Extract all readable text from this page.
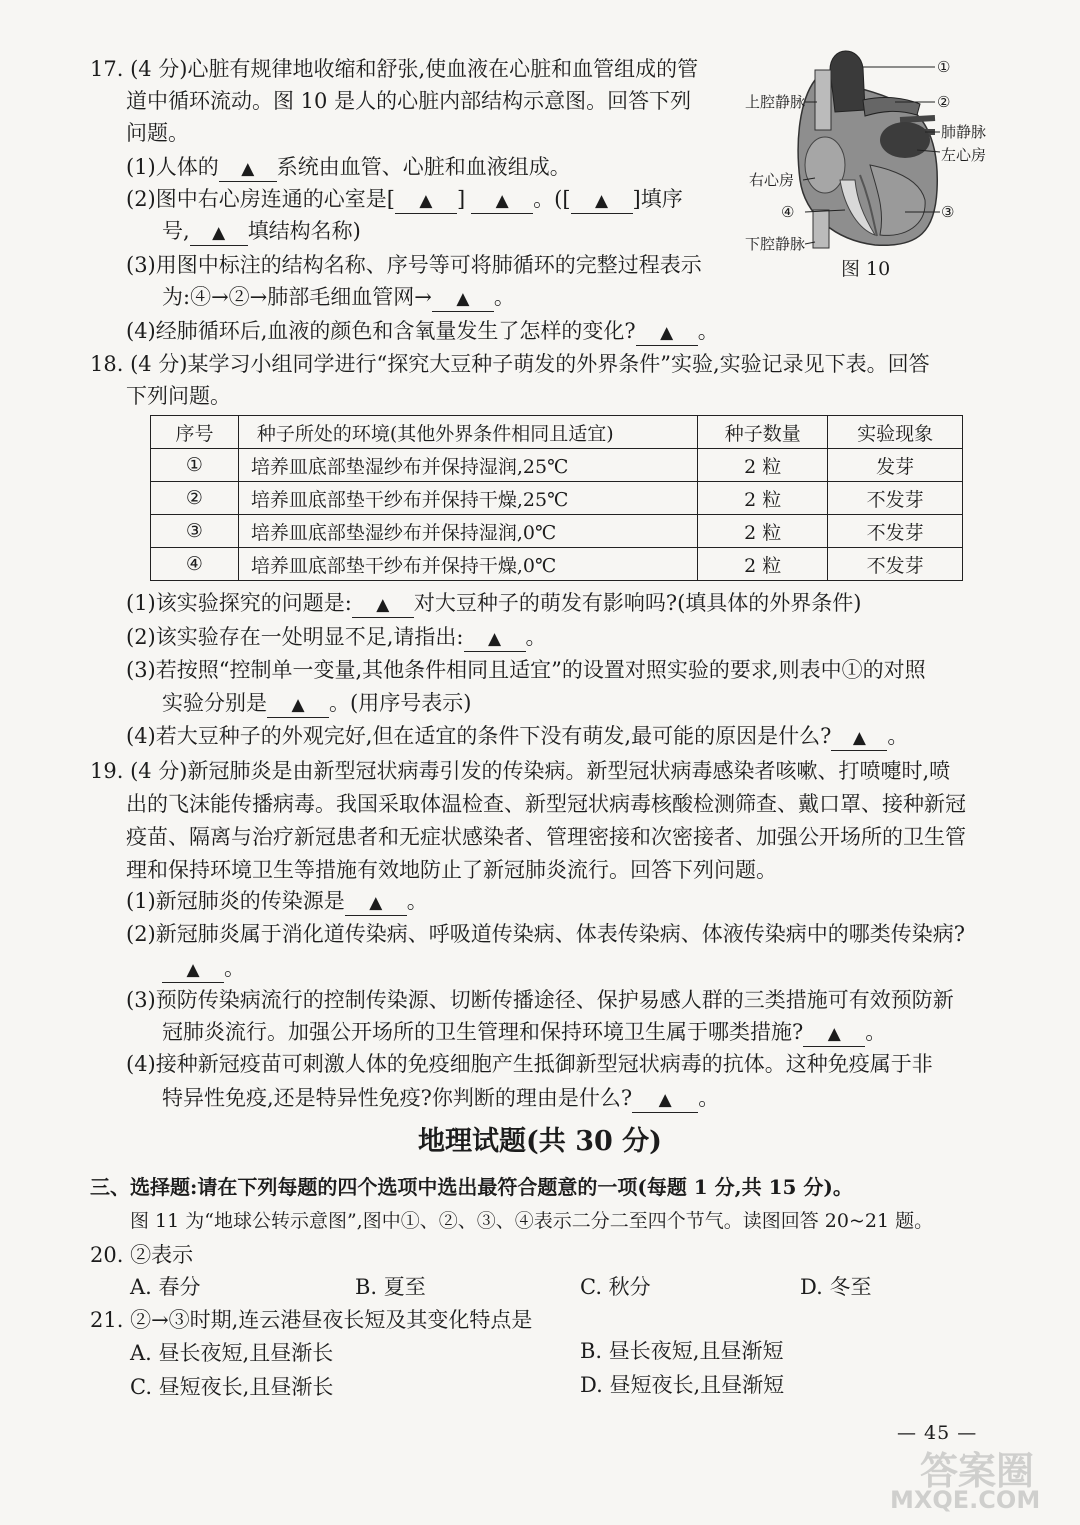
17. (4 分)心脏有规律地收缩和舒张,使血液在心脏和血管组成的管
道中循环流动。图 10 是人的心脏内部结构示意图。回答下列
问题。
(1)人体的 ▲ 系统由血管、心脏和血液组成。
(2)图中右心房连通的心室是[ ▲ ] ▲ 。([ ▲ ]填序
号, ▲ 填结构名称)
(3)用图中标注的结构名称、序号等可将肺循环的完整过程表示
为:④→②→肺部毛细血管网→ ▲ 。
(4)经肺循环后,血液的颜色和含氧量发生了怎样的变化? ▲ 。
①
②
上腔静脉
肺静脉
左心房
右心房
④	③
下腔静脉
图 10
18. (4 分)某学习小组同学进行“探究大豆种子萌发的外界条件”实验,实验记录见下表。回答
下列问题。
序号	种子所处的环境(其他外界条件相同且适宜)	种子数量	实验现象
①	培养皿底部垫湿纱布并保持湿润,25℃	2 粒	发芽
②	培养皿底部垫干纱布并保持干燥,25℃	2 粒	不发芽
③	培养皿底部垫湿纱布并保持湿润,0℃	2 粒	不发芽
④	培养皿底部垫干纱布并保持干燥,0℃	2 粒	不发芽
(1)该实验探究的问题是: ▲ 对大豆种子的萌发有影响吗?(填具体的外界条件)
(2)该实验存在一处明显不足,请指出: ▲ 。
(3)若按照“控制单一变量,其他条件相同且适宜”的设置对照实验的要求,则表中①的对照
实验分别是 ▲ 。(用序号表示)
(4)若大豆种子的外观完好,但在适宜的条件下没有萌发,最可能的原因是什么? ▲ 。
19. (4 分)新冠肺炎是由新型冠状病毒引发的传染病。新型冠状病毒感染者咳嗽、打喷嚏时,喷
出的飞沫能传播病毒。我国采取体温检查、新型冠状病毒核酸检测筛查、戴口罩、接种新冠
疫苗、隔离与治疗新冠患者和无症状感染者、管理密接和次密接者、加强公开场所的卫生管
理和保持环境卫生等措施有效地防止了新冠肺炎流行。回答下列问题。
(1)新冠肺炎的传染源是 ▲ 。
(2)新冠肺炎属于消化道传染病、呼吸道传染病、体表传染病、体液传染病中的哪类传染病?
▲ 。
(3)预防传染病流行的控制传染源、切断传播途径、保护易感人群的三类措施可有效预防新
冠肺炎流行。加强公开场所的卫生管理和保持环境卫生属于哪类措施? ▲ 。
(4)接种新冠疫苗可刺激人体的免疫细胞产生抵御新型冠状病毒的抗体。这种免疫属于非
特异性免疫,还是特异性免疫?你判断的理由是什么? ▲ 。
地理试题(共 30 分)
三、选择题:请在下列每题的四个选项中选出最符合题意的一项(每题 1 分,共 15 分)。
图 11 为“地球公转示意图”,图中①、②、③、④表示二分二至四个节气。读图回答 20~21 题。
20. ②表示
A. 春分	B. 夏至	C. 秋分	D. 冬至
21. ②→③时期,连云港昼夜长短及其变化特点是
A. 昼长夜短,且昼渐长	B. 昼长夜短,且昼渐短
C. 昼短夜长,且昼渐长	D. 昼短夜长,且昼渐短
— 45 —
答案圈
MXQE.COM
